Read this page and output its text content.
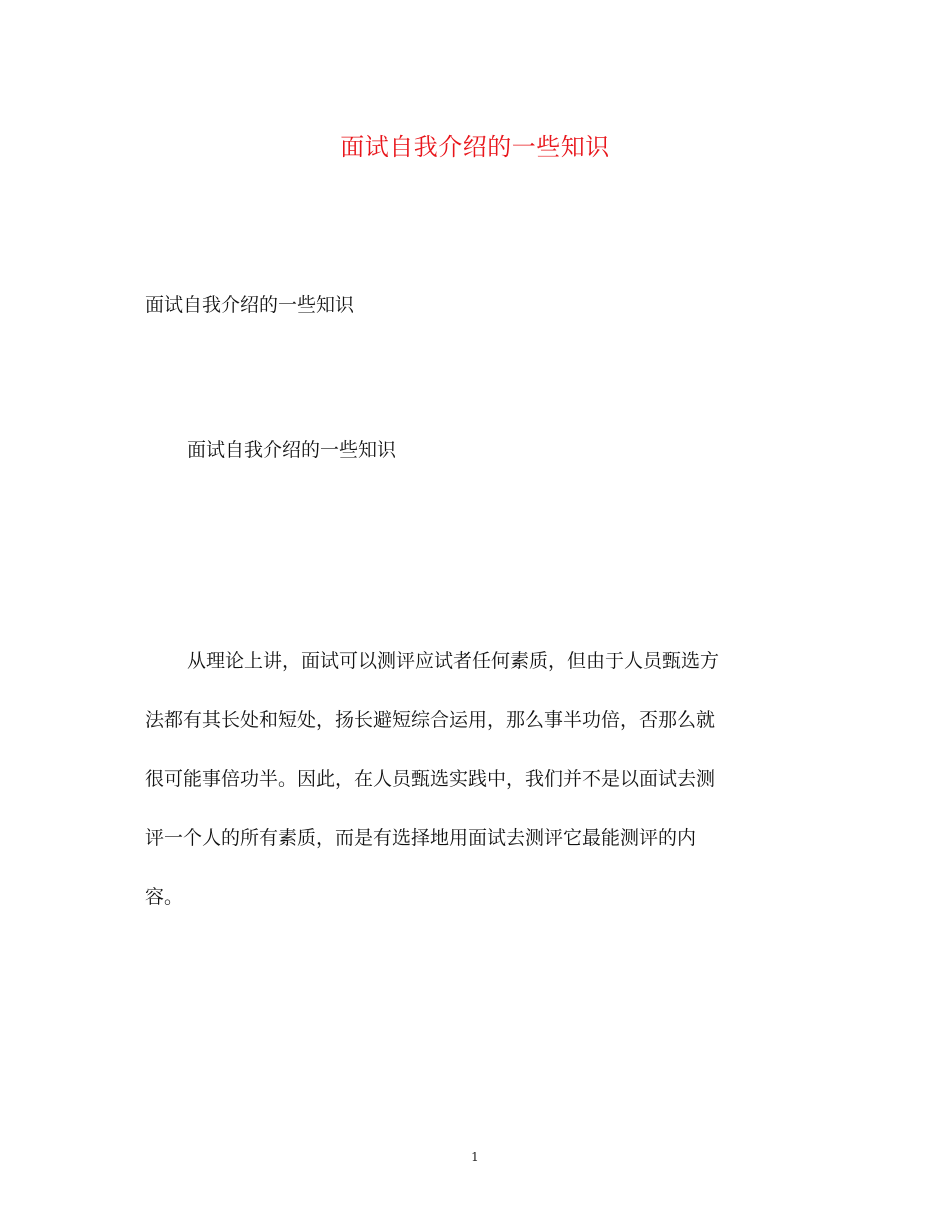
面试自我介绍的一些知识
面试自我介绍的一些知识
面试自我介绍的一些知识
从理论上讲，面试可以测评应试者任何素质，但由于人员甄选方
法都有其长处和短处，扬长避短综合运用，那么事半功倍，否那么就
很可能事倍功半。因此，在人员甄选实践中，我们并不是以面试去测
评一个人的所有素质，而是有选择地用面试去测评它最能测评的内
容。
1
